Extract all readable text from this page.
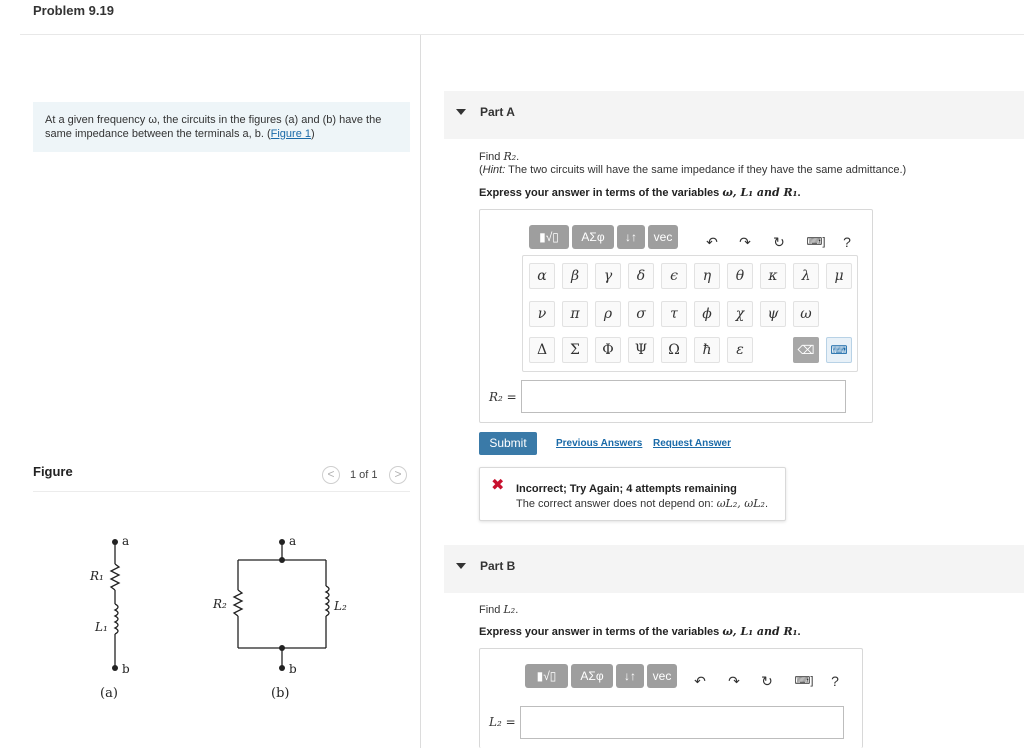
Problem 9.19
At a given frequency ω, the circuits in the figures (a) and (b) have the same impedance between the terminals a, b. (Figure 1)
Figure	<	1 of 1	>
a
b
R₁
L₁
(a)
a
b
R₂	L₂
(b)
Part A
Find R₂.
(Hint: The two circuits will have the same impedance if they have the same admittance.)
Express your answer in terms of the variables ω, L₁ and R₁.
▮√▯	ΑΣφ	↓↑	vec	↶ ↷ ↻	⌨]	?
α	β	γ	δ	ϵ	η	θ	κ	λ	μ
ν	π	ρ	σ	τ	ϕ	χ	ψ	ω
Δ	Σ	Φ	Ψ	Ω	ħ	ε	⌫	⌨
R₂ =
Submit	Previous Answers Request Answer
✖ Incorrect; Try Again; 4 attempts remaining
The correct answer does not depend on: ωL₂, ωL₂.
Part B
Find L₂.
Express your answer in terms of the variables ω, L₁ and R₁.
▮√▯	ΑΣφ	↓↑	vec	↶ ↷ ↻	⌨]	?
L₂ =
